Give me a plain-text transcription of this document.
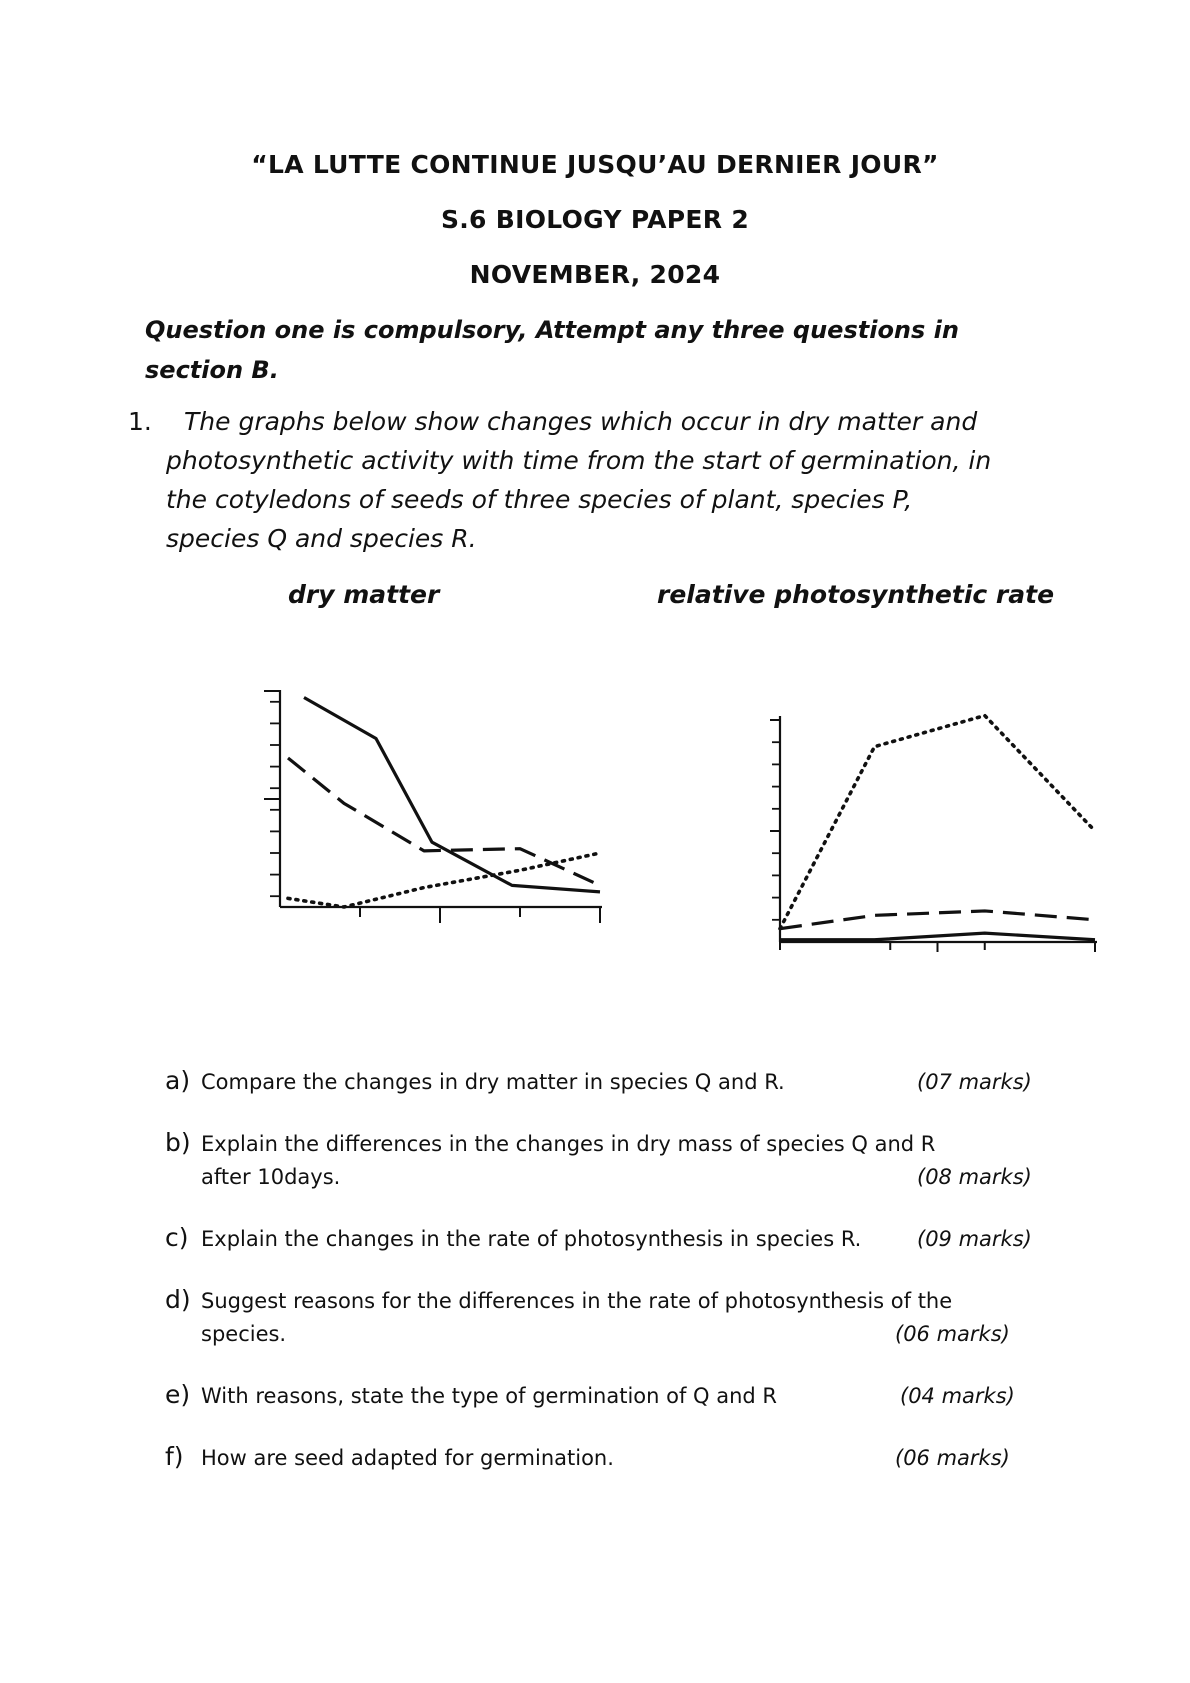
“LA LUTTE CONTINUE JUSQU’AU DERNIER JOUR”
S.6 BIOLOGY PAPER 2
NOVEMBER, 2024
Question one is compulsory, Attempt any three questions in
section B.
1.	The graphs below show changes which occur in dry matter and
photosynthetic activity with time from the start of germination, in
the cotyledons of seeds of three species of plant, species P,
species Q and species R.
dry matter	relative photosynthetic rate
a) Compare the changes in dry matter in species Q and R.	(07 marks)
b) Explain the differences in the changes in dry mass of species Q and R
after 10days.	(08 marks)
c) Explain the changes in the rate of photosynthesis in species R.	(09 marks)
d) Suggest reasons for the differences in the rate of photosynthesis of the
species.	(06 marks)
e) With reasons, state the type of germination of Q and R	(04 marks)
f) How are seed adapted for germination.	(06 marks)
